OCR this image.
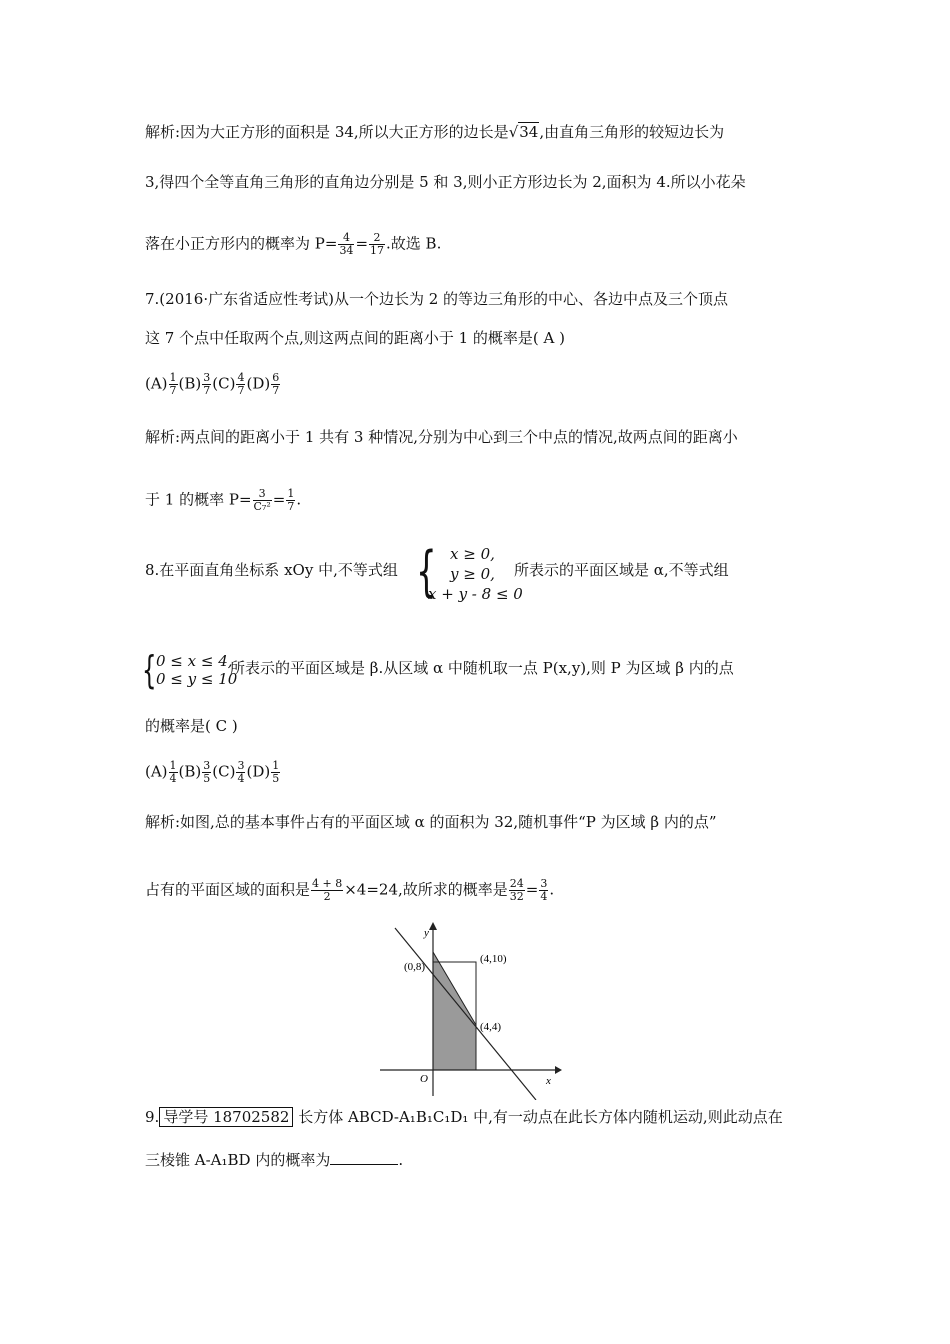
解析:因为大正方形的面积是 34,所以大正方形的边长是√34,由直角三角形的较短边长为
3,得四个全等直角三角形的直角边分别是 5 和 3,则小正方形边长为 2,面积为 4.所以小花朵
落在小正方形内的概率为 $P= \frac{4}{34} = \frac{2}{17}$ .故选 B.
7.(2016·广东省适应性考试)从一个边长为 2 的等边三角形的中心、各边中点及三个顶点
这 7 个点中任取两个点,则这两点间的距离小于 1 的概率是( A )
$(A) \frac{1}{7} (B) \frac{3}{7} (C) \frac{4}{7} (D) \frac{6}{7}$
解析:两点间的距离小于 1 共有 3 种情况,分别为中心到三个中点的情况,故两点间的距离小
于 1 的概率 $P= \frac{3}{\text{C₇²}} = \frac{1}{7}$ .
8.在平面直角坐标系 xOy 中,不等式组 { x ≥ 0,
y ≥ 0,
x + y - 8 ≤ 0
所表示的平面区域是 α,不等式组
{ 0 ≤ x ≤ 4,
0 ≤ y ≤ 10
所表示的平面区域是 β.从区域 α 中随机取一点 P(x,y),则 P 为区域 β 内的点
的概率是( C )
$(A) \frac{1}{4} (B) \frac{3}{5} (C) \frac{3}{4} (D) \frac{1}{5}$
解析:如图,总的基本事件占有的平面区域 α 的面积为 32,随机事件“P 为区域 β 内的点”
占有的平面区域的面积是 $\frac{4 + 8}{2} \times 4=24$,故所求的概率是 $\frac{24}{32} = \frac{3}{4}$ .
y
x
O
(0,8)
(4,4)
(4,10)
9. 导学号 18702582 长方体 ABCD-A₁B₁C₁D₁ 中,有一动点在此长方体内随机运动,则此动点在
三棱锥 A-A₁BD 内的概率为	.
